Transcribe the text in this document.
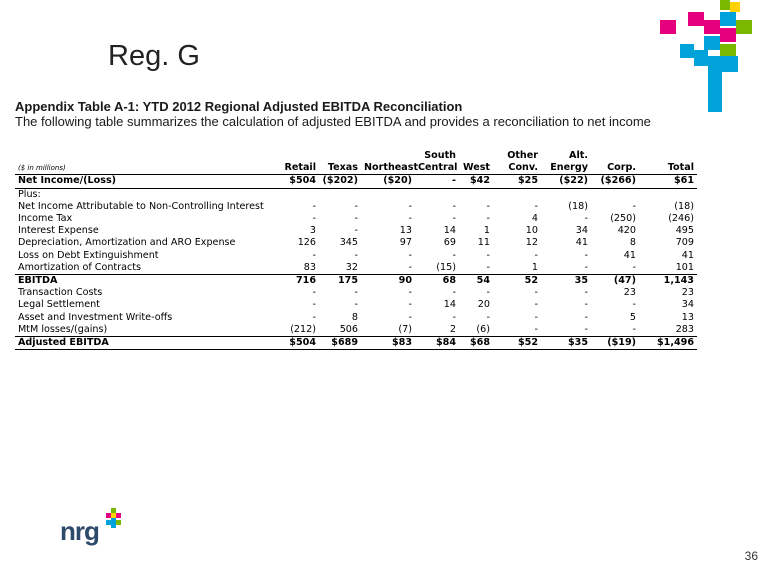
Reg. G
Appendix Table A-1: YTD 2012 Regional Adjusted EBITDA Reconciliation
The following table summarizes the calculation of adjusted EBITDA and provides a reconciliation to net income
				South		Other	Alt.		
($ in millions)	Retail	Texas	Northeast	Central	West	Conv.	Energy	Corp.	Total
Net Income/(Loss)	$504	($202)	($20)	-	$42	$25	($22)	($266)	$61
Plus:									
Net Income Attributable to Non-Controlling Interest	-	-	-	-	-	-	(18)	-	(18)
Income Tax	-	-	-	-	-	4	-	(250)	(246)
Interest Expense	3	-	13	14	1	10	34	420	495
Depreciation, Amortization and ARO Expense	126	345	97	69	11	12	41	8	709
Loss on Debt Extinguishment	-	-	-	-	-	-	-	41	41
Amortization of Contracts	83	32	-	(15)	-	1	-	-	101
EBITDA	716	175	90	68	54	52	35	(47)	1,143
Transaction Costs	-	-	-	-	-	-	-	23	23
Legal Settlement	-	-	-	14	20	-	-	-	34
Asset and Investment Write-offs	-	8	-	-	-	-	-	5	13
MtM losses/(gains)	(212)	506	(7)	2	(6)	-	-	-	283
Adjusted EBITDA	$504	$689	$83	$84	$68	$52	$35	($19)	$1,496
nrg
36
